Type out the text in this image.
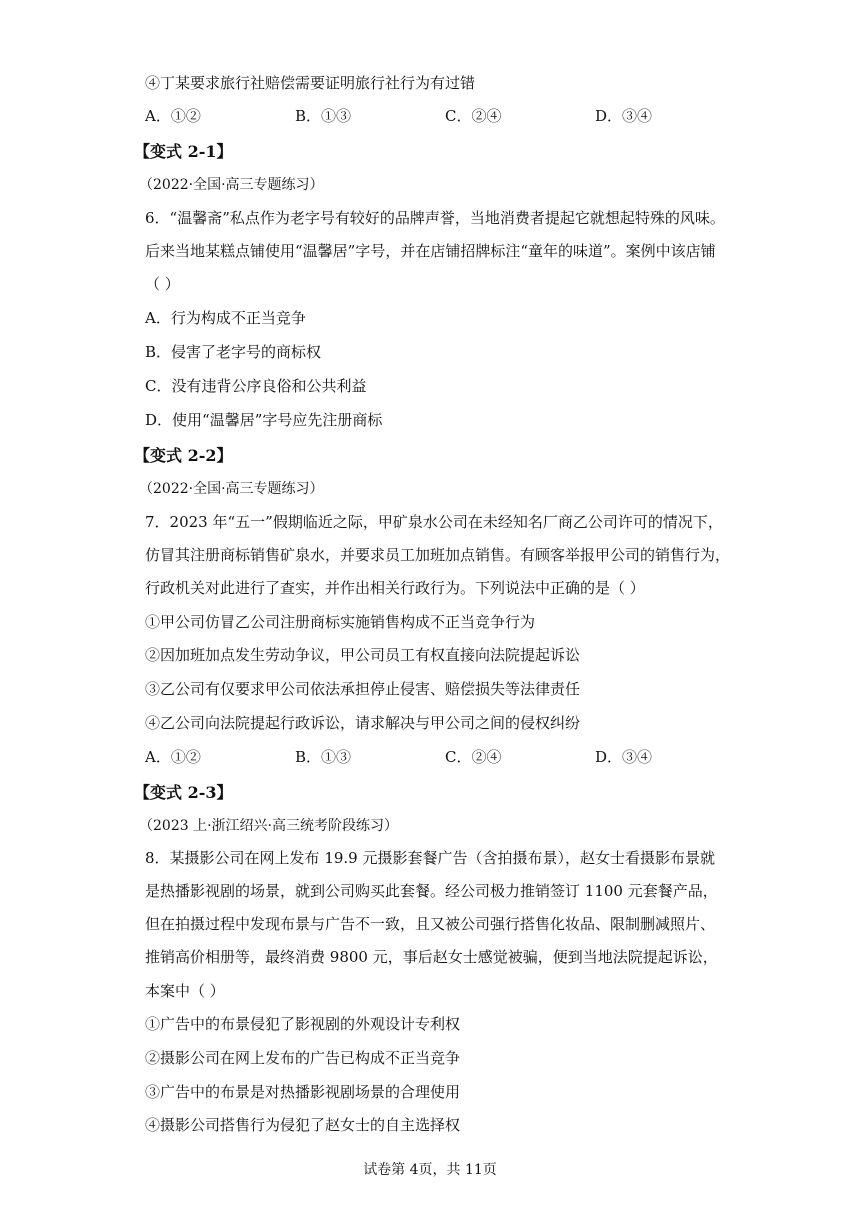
④丁某要求旅行社赔偿需要证明旅行社行为有过错
A．①②	B．①③	C．②④	D．③④
【变式 2-1】
（2022·全国·高三专题练习）
6．“温馨斋”私点作为老字号有较好的品牌声誉，当地消费者提起它就想起特殊的风味。
后来当地某糕点铺使用“温馨居”字号，并在店铺招牌标注“童年的味道”。案例中该店铺
（ ）
A．行为构成不正当竞争
B．侵害了老字号的商标权
C．没有违背公序良俗和公共利益
D．使用“温馨居”字号应先注册商标
【变式 2-2】
（2022·全国·高三专题练习）
7．2023 年“五一”假期临近之际，甲矿泉水公司在未经知名厂商乙公司许可的情况下，
仿冒其注册商标销售矿泉水，并要求员工加班加点销售。有顾客举报甲公司的销售行为，
行政机关对此进行了查实，并作出相关行政行为。下列说法中正确的是（ ）
①甲公司仿冒乙公司注册商标实施销售构成不正当竞争行为
②因加班加点发生劳动争议，甲公司员工有权直接向法院提起诉讼
③乙公司有仅要求甲公司依法承担停止侵害、赔偿损失等法律责任
④乙公司向法院提起行政诉讼，请求解决与甲公司之间的侵权纠纷
A．①②	B．①③	C．②④	D．③④
【变式 2-3】
（2023 上·浙江绍兴·高三统考阶段练习）
8．某摄影公司在网上发布 19.9 元摄影套餐广告（含拍摄布景），赵女士看摄影布景就
是热播影视剧的场景，就到公司购买此套餐。经公司极力推销签订 1100 元套餐产品，
但在拍摄过程中发现布景与广告不一致，且又被公司强行搭售化妆品、限制删减照片、
推销高价相册等，最终消费 9800 元，事后赵女士感觉被骗，便到当地法院提起诉讼，
本案中（ ）
①广告中的布景侵犯了影视剧的外观设计专利权
②摄影公司在网上发布的广告已构成不正当竞争
③广告中的布景是对热播影视剧场景的合理使用
④摄影公司搭售行为侵犯了赵女士的自主选择权
试卷第 4页，共 11页
